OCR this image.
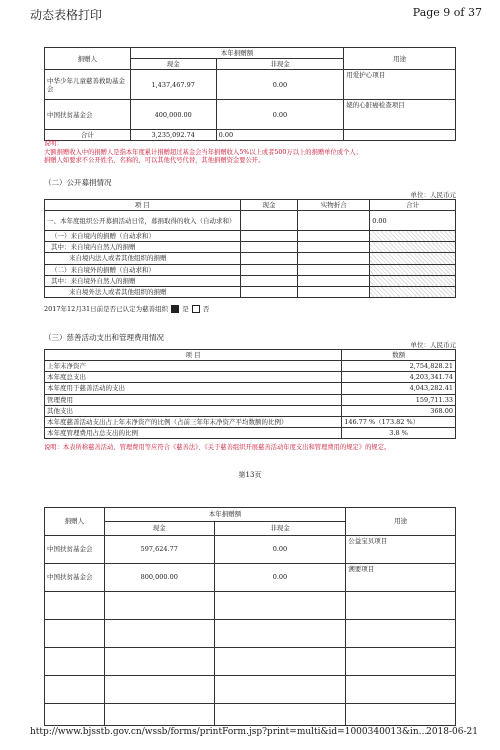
动态表格打印	Page 9 of 37
捐赠人	本年捐赠额		用途
	现金	非现金	
中华少年儿童慈善救助基金会	1,437,467.97	0.00	用爱护心项目
中国扶贫基金会	400,000.00	0.00	姥的心脏癌检查项目
合计	3,235,092.74	0.00	
说明：
大额捐赠收入中的捐赠人是指本年度累计捐赠超过基金会当年捐赠收入5%以上或者500万以上的捐赠单位或个人；
捐赠人如要求不公开姓名、名称的，可以其他代号代替，其他捐赠资金要公开。
（二）公开募捐情况
单位：人民币元
项 目	现金	实物折合	合计
一、本年度组织公开募捐活动日常，募捐取得的收入（自动求和）			0.00
（一）来自境内的捐赠（自动求和）			
其中：来自境内自然人的捐赠			
来自境内法人或者其他组织的捐赠			
（二）来自境外的捐赠（自动求和）			
其中：来自境外自然人的捐赠			
来自境外法人或者其他组织的捐赠			
2017年12月31日前是否已认定为慈善组织 是 否
（三）慈善活动支出和管理费用情况
单位：人民币元
项 目	数额
上年末净资产	2,754,828.21
本年度总支出	4,203,341.74
本年度用于慈善活动的支出	4,043,282.41
管理费用	159,711.33
其他支出	368.00
本年度慈善活动支出占上年末净资产的比例（占前三年年末净资产平均数额的比例）	146.77 %（173.82 %）
本年度管理费用占总支出的比例	3.8 %
说明：本表所称慈善活动、管理费用等应符合《慈善法》、《关于慈善组织开展慈善活动年度支出和管理费用的规定》的规定。
第13页
捐赠人	本年捐赠额		用途
	现金	非现金	
中国扶贫基金会	597,624.77	0.00	公益宝贝项目
中国扶贫基金会	800,000.00	0.00	溯要项目

http://www.bjsstb.gov.cn/wssb/forms/printForm.jsp?print=multi&id=1000340013&in...
2018-06-21
